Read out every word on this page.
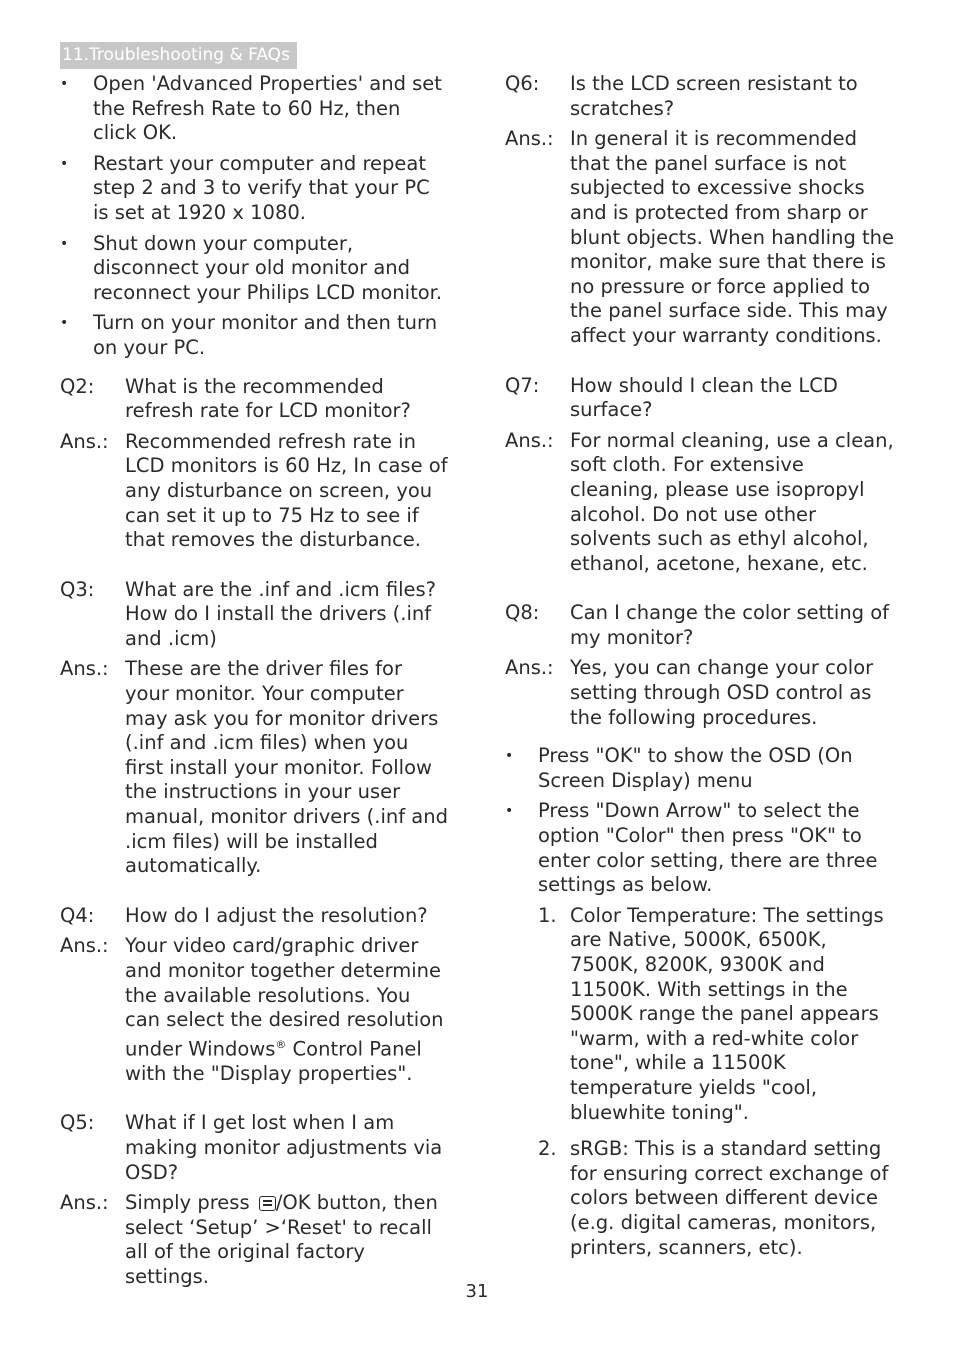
11.Troubleshooting & FAQs
• Open 'Advanced Properties' and set the Refresh Rate to 60 Hz, then click OK.
• Restart your computer and repeat step 2 and 3 to verify that your PC is set at 1920 x 1080.
• Shut down your computer, disconnect your old monitor and reconnect your Philips LCD monitor.
• Turn on your monitor and then turn on your PC.
Q2:	What is the recommended refresh rate for LCD monitor?
Ans.: Recommended refresh rate in LCD monitors is 60 Hz, In case of any disturbance on screen, you can set it up to 75 Hz to see if that removes the disturbance.
Q3:	What are the .inf and .icm files? How do I install the drivers (.inf and .icm)
Ans.: These are the driver files for your monitor. Your computer may ask you for monitor drivers (.inf and .icm files) when you first install your monitor. Follow the instructions in your user manual, monitor drivers (.inf and .icm files) will be installed automatically.
Q4:	How do I adjust the resolution?
Ans.: Your video card/graphic driver and monitor together determine the available resolutions. You can select the desired resolution under Windows® Control Panel with the "Display properties".
Q5:	What if I get lost when I am making monitor adjustments via OSD?
Ans.: Simply press /OK button, then select ‘Setup’ >‘Reset' to recall all of the original factory settings.
Q6:	Is the LCD screen resistant to scratches?
Ans.: In general it is recommended that the panel surface is not subjected to excessive shocks and is protected from sharp or blunt objects. When handling the monitor, make sure that there is no pressure or force applied to the panel surface side. This may affect your warranty conditions.
Q7:	How should I clean the LCD surface?
Ans.: For normal cleaning, use a clean, soft cloth. For extensive cleaning, please use isopropyl alcohol. Do not use other solvents such as ethyl alcohol, ethanol, acetone, hexane, etc.
Q8:	Can I change the color setting of my monitor?
Ans.: Yes, you can change your color setting through OSD control as the following procedures.
• Press "OK" to show the OSD (On Screen Display) menu
• Press "Down Arrow" to select the option "Color" then press "OK" to enter color setting, there are three settings as below.
1. Color Temperature: The settings are Native, 5000K, 6500K, 7500K, 8200K, 9300K and 11500K. With settings in the 5000K range the panel appears "warm, with a red-white color tone", while a 11500K temperature yields "cool, bluewhite toning".
2. sRGB: This is a standard setting for ensuring correct exchange of colors between different device (e.g. digital cameras, monitors, printers, scanners, etc).
31
